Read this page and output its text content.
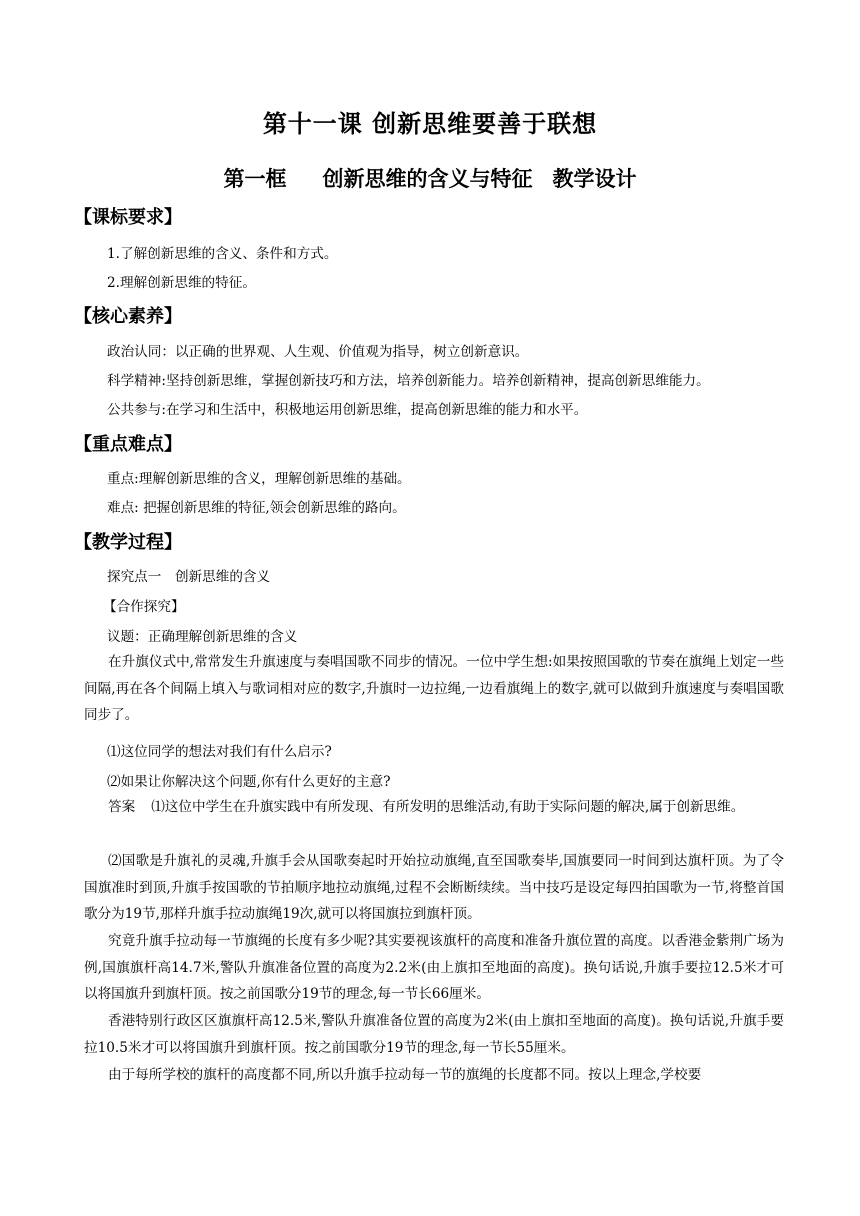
第十一课 创新思维要善于联想
第一框 创新思维的含义与特征 教学设计
【课标要求】
1.了解创新思维的含义、条件和方式。
2.理解创新思维的特征。
【核心素养】
政治认同：以正确的世界观、人生观、价值观为指导，树立创新意识。
科学精神:坚持创新思维，掌握创新技巧和方法，培养创新能力。培养创新精神，提高创新思维能力。
公共参与:在学习和生活中，积极地运用创新思维，提高创新思维的能力和水平。
【重点难点】
重点:理解创新思维的含义，理解创新思维的基础。
难点: 把握创新思维的特征,领会创新思维的路向。
【教学过程】
探究点一　创新思维的含义
【合作探究】
议题：正确理解创新思维的含义
在升旗仪式中,常常发生升旗速度与奏唱国歌不同步的情况。一位中学生想:如果按照国歌的节奏在旗绳上划定一些间隔,再在各个间隔上填入与歌词相对应的数字,升旗时一边拉绳,一边看旗绳上的数字,就可以做到升旗速度与奏唱国歌同步了。
⑴这位同学的想法对我们有什么启示?
⑵如果让你解决这个问题,你有什么更好的主意?
答案 ⑴这位中学生在升旗实践中有所发现、有所发明的思维活动,有助于实际问题的解决,属于创新思维。
⑵国歌是升旗礼的灵魂,升旗手会从国歌奏起时开始拉动旗绳,直至国歌奏毕,国旗要同一时间到达旗杆顶。为了令国旗准时到顶,升旗手按国歌的节拍顺序地拉动旗绳,过程不会断断续续。当中技巧是设定每四拍国歌为一节,将整首国歌分为19节,那样升旗手拉动旗绳19次,就可以将国旗拉到旗杆顶。
究竟升旗手拉动每一节旗绳的长度有多少呢?其实要视该旗杆的高度和准备升旗位置的高度。以香港金紫荆广场为例,国旗旗杆高14.7米,警队升旗准备位置的高度为2.2米(由上旗扣至地面的高度)。换句话说,升旗手要拉12.5米才可以将国旗升到旗杆顶。按之前国歌分19节的理念,每一节长66厘米。
香港特别行政区区旗旗杆高12.5米,警队升旗准备位置的高度为2米(由上旗扣至地面的高度)。换句话说,升旗手要拉10.5米才可以将国旗升到旗杆顶。按之前国歌分19节的理念,每一节长55厘米。
由于每所学校的旗杆的高度都不同,所以升旗手拉动每一节的旗绳的长度都不同。按以上理念,学校要
